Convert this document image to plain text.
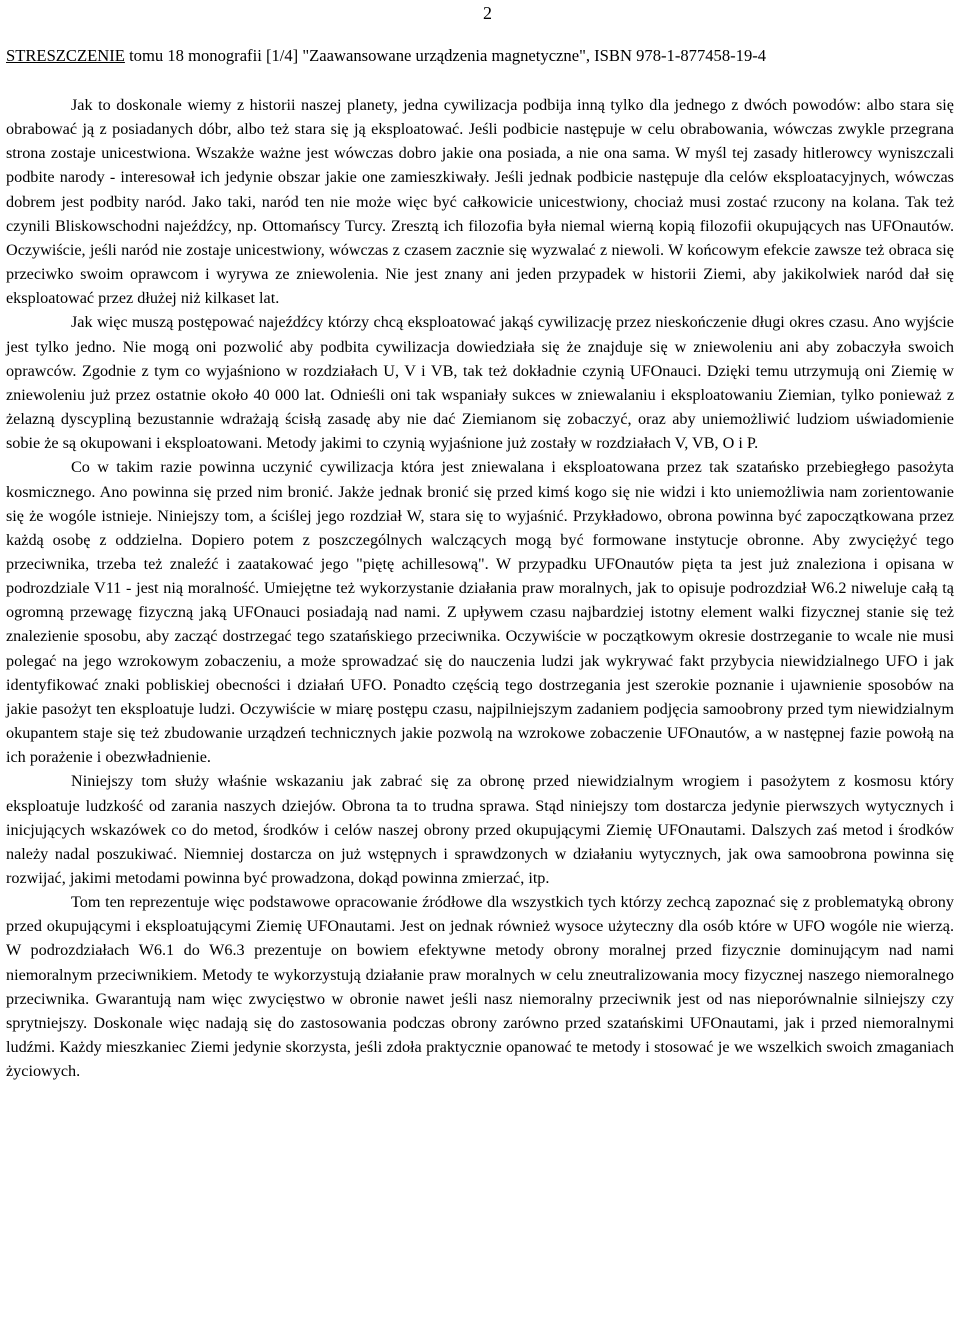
2
STRESZCZENIE tomu 18 monografii [1/4] "Zaawansowane urządzenia magnetyczne", ISBN 978-1-877458-19-4

Jak to doskonale wiemy z historii naszej planety, jedna cywilizacja podbija inną tylko dla jednego z dwóch powodów: albo stara się obrabować ją z posiadanych dóbr, albo też stara się ją eksploatować. Jeśli podbicie następuje w celu obrabowania, wówczas zwykle przegrana strona zostaje unicestwiona. Wszakże ważne jest wówczas dobro jakie ona posiada, a nie ona sama. W myśl tej zasady hitlerowcy wyniszczali podbite narody - interesował ich jedynie obszar jakie one zamieszkiwały. Jeśli jednak podbicie następuje dla celów eksploatacyjnych, wówczas dobrem jest podbity naród. Jako taki, naród ten nie może więc być całkowicie unicestwiony, chociaż musi zostać rzucony na kolana. Tak też czynili Bliskowschodni najeźdźcy, np. Ottomańscy Turcy. Zresztą ich filozofia była niemal wierną kopią filozofii okupujących nas UFOnautów. Oczywiście, jeśli naród nie zostaje unicestwiony, wówczas z czasem zacznie się wyzwalać z niewoli. W końcowym efekcie zawsze też obraca się przeciwko swoim oprawcom i wyrywa ze zniewolenia. Nie jest znany ani jeden przypadek w historii Ziemi, aby jakikolwiek naród dał się eksploatować przez dłużej niż kilkaset lat.

Jak więc muszą postępować najeźdźcy którzy chcą eksploatować jakąś cywilizację przez nieskończenie długi okres czasu. Ano wyjście jest tylko jedno. Nie mogą oni pozwolić aby podbita cywilizacja dowiedziała się że znajduje się w zniewoleniu ani aby zobaczyła swoich oprawców. Zgodnie z tym co wyjaśniono w rozdziałach U, V i VB, tak też dokładnie czynią UFOnauci. Dzięki temu utrzymują oni Ziemię w zniewoleniu już przez ostatnie około 40 000 lat. Odnieśli oni tak wspaniały sukces w zniewalaniu i eksploatowaniu Ziemian, tylko ponieważ z żelazną dyscypliną bezustannie wdrażają ścisłą zasadę aby nie dać Ziemianom się zobaczyć, oraz aby uniemożliwić ludziom uświadomienie sobie że są okupowani i eksploatowani. Metody jakimi to czynią wyjaśnione już zostały w rozdziałach V, VB, O i P.

Co w takim razie powinna uczynić cywilizacja która jest zniewalana i eksploatowana przez tak szatańsko przebiegłego pasożyta kosmicznego. Ano powinna się przed nim bronić. Jakże jednak bronić się przed kimś kogo się nie widzi i kto uniemożliwia nam zorientowanie się że wogóle istnieje. Niniejszy tom, a ściślej jego rozdział W, stara się to wyjaśnić. Przykładowo, obrona powinna być zapoczątkowana przez każdą osobę z oddzielna. Dopiero potem z poszczególnych walczących mogą być formowane instytucje obronne. Aby zwyciężyć tego przeciwnika, trzeba też znaleźć i zaatakować jego "piętę achillesową". W przypadku UFOnautów pięta ta jest już znaleziona i opisana w podrozdziale V11 - jest nią moralność. Umiejętne też wykorzystanie działania praw moralnych, jak to opisuje podrozdział W6.2 niweluje całą tą ogromną przewagę fizyczną jaką UFOnauci posiadają nad nami. Z upływem czasu najbardziej istotny element walki fizycznej stanie się też znalezienie sposobu, aby zacząć dostrzegać tego szatańskiego przeciwnika. Oczywiście w początkowym okresie dostrzeganie to wcale nie musi polegać na jego wzrokowym zobaczeniu, a może sprowadzać się do nauczenia ludzi jak wykrywać fakt przybycia niewidzialnego UFO i jak identyfikować znaki pobliskiej obecności i działań UFO. Ponadto częścią tego dostrzegania jest szerokie poznanie i ujawnienie sposobów na jakie pasożyt ten eksploatuje ludzi. Oczywiście w miarę postępu czasu, najpilniejszym zadaniem podjęcia samoobrony przed tym niewidzialnym okupantem staje się też zbudowanie urządzeń technicznych jakie pozwolą na wzrokowe zobaczenie UFOnautów, a w następnej fazie powołą na ich porażenie i obezwładnienie.

Niniejszy tom służy właśnie wskazaniu jak zabrać się za obronę przed niewidzialnym wrogiem i pasożytem z kosmosu który eksploatuje ludzkość od zarania naszych dziejów. Obrona ta to trudna sprawa. Stąd niniejszy tom dostarcza jedynie pierwszych wytycznych i inicjujących wskazówek co do metod, środków i celów naszej obrony przed okupującymi Ziemię UFOnautami. Dalszych zaś metod i środków należy nadal poszukiwać. Niemniej dostarcza on już wstępnych i sprawdzonych w działaniu wytycznych, jak owa samoobrona powinna się rozwijać, jakimi metodami powinna być prowadzona, dokąd powinna zmierzać, itp.

Tom ten reprezentuje więc podstawowe opracowanie źródłowe dla wszystkich tych którzy zechcą zapoznać się z problematyką obrony przed okupującymi i eksploatującymi Ziemię UFOnautami. Jest on jednak również wysoce użyteczny dla osób które w UFO wogóle nie wierzą. W podrozdziałach W6.1 do W6.3 prezentuje on bowiem efektywne metody obrony moralnej przed fizycznie dominującym nad nami niemoralnym przeciwnikiem. Metody te wykorzystują działanie praw moralnych w celu zneutralizowania mocy fizycznej naszego niemoralnego przeciwnika. Gwarantują nam więc zwycięstwo w obronie nawet jeśli nasz niemoralny przeciwnik jest od nas nieporównalnie silniejszy czy sprytniejszy. Doskonale więc nadają się do zastosowania podczas obrony zarówno przed szatańskimi UFOnautami, jak i przed niemoralnymi ludźmi. Każdy mieszkaniec Ziemi jedynie skorzysta, jeśli zdoła praktycznie opanować te metody i stosować je we wszelkich swoich zmaganiach życiowych.
